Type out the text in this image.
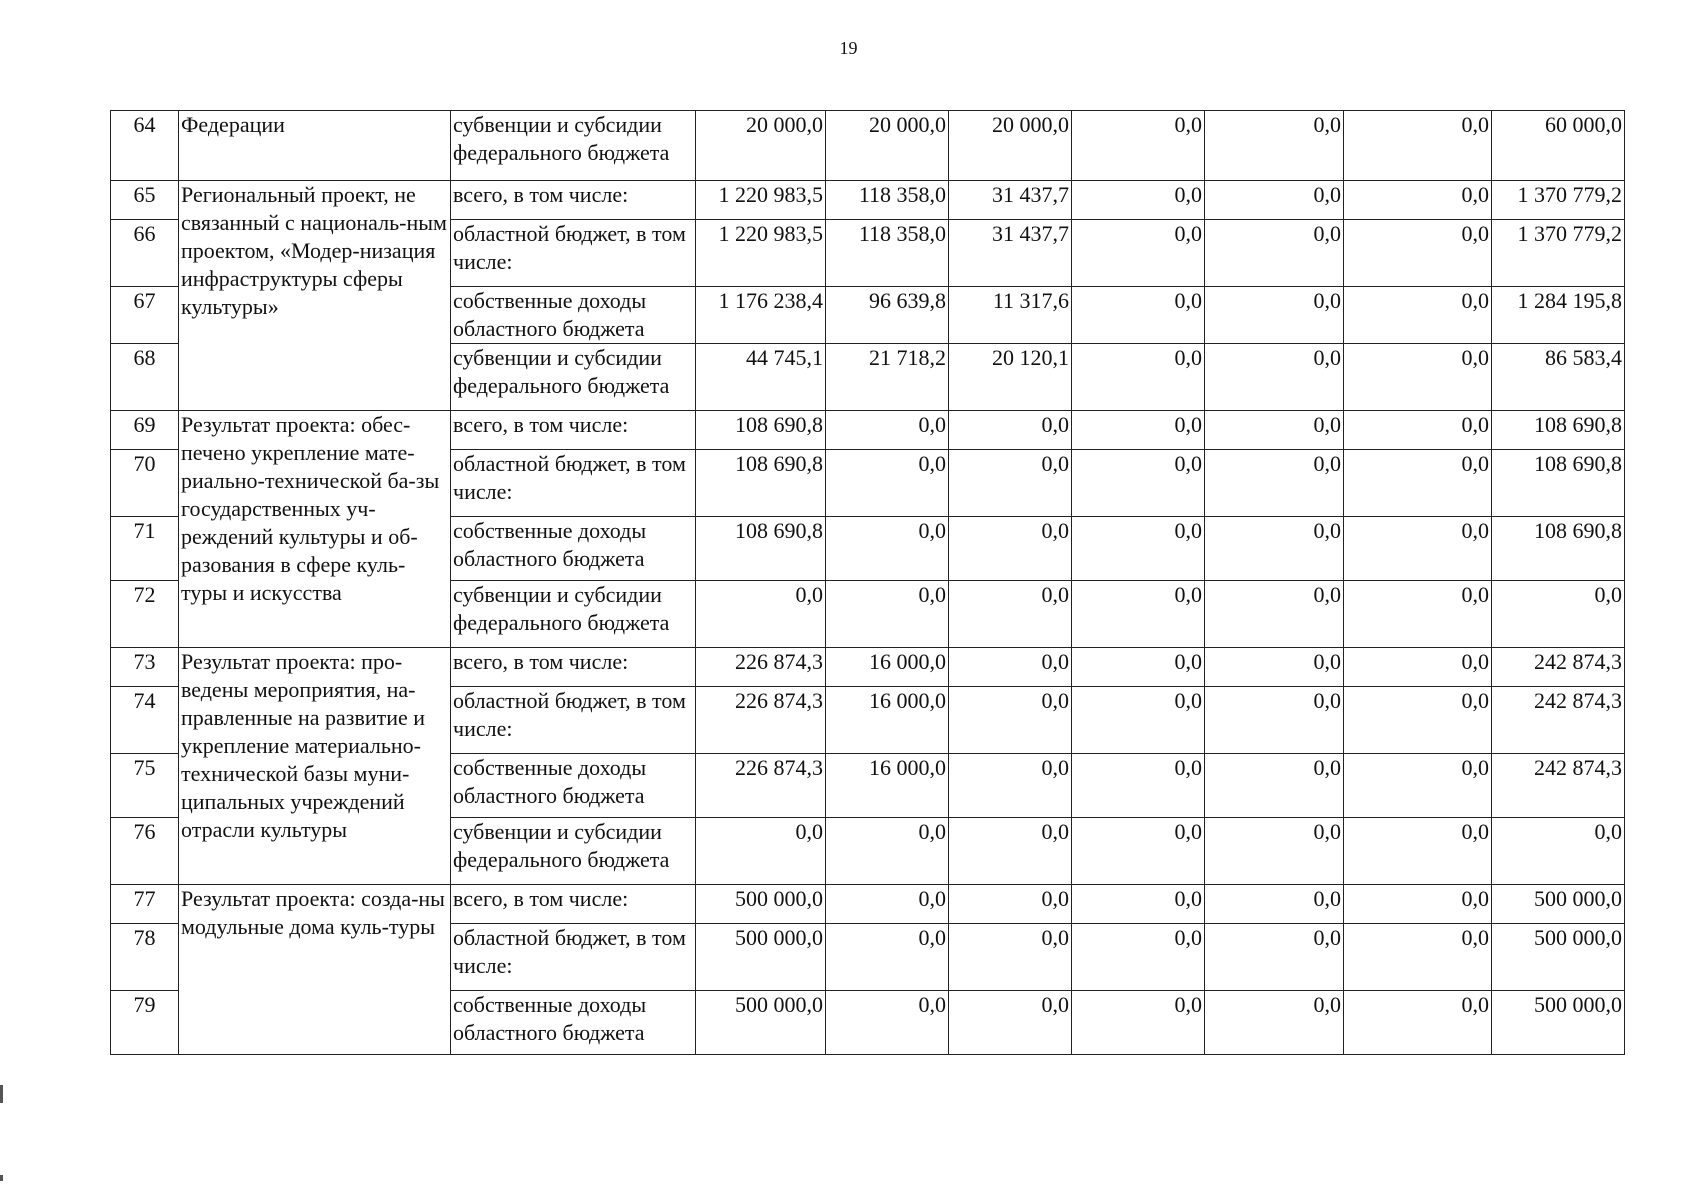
19
64	Федерации	субвенции и субсидии федерального бюджета	20 000,0	20 000,0	20 000,0	0,0	0,0	0,0	60 000,0
65	Региональный проект, не связанный с националь-ным проектом, «Модер-низация инфраструктуры сферы культуры»	всего, в том числе:	1 220 983,5	118 358,0	31 437,7	0,0	0,0	0,0	1 370 779,2
66		областной бюджет, в том числе:	1 220 983,5	118 358,0	31 437,7	0,0	0,0	0,0	1 370 779,2
67		собственные доходы областного бюджета	1 176 238,4	96 639,8	11 317,6	0,0	0,0	0,0	1 284 195,8
68		субвенции и субсидии федерального бюджета	44 745,1	21 718,2	20 120,1	0,0	0,0	0,0	86 583,4
69	Результат проекта: обес-печено укрепление мате-риально-технической ба-зы государственных уч-реждений культуры и об-разования в сфере куль-туры и искусства	всего, в том числе:	108 690,8	0,0	0,0	0,0	0,0	0,0	108 690,8
70		областной бюджет, в том числе:	108 690,8	0,0	0,0	0,0	0,0	0,0	108 690,8
71		собственные доходы областного бюджета	108 690,8	0,0	0,0	0,0	0,0	0,0	108 690,8
72		субвенции и субсидии федерального бюджета	0,0	0,0	0,0	0,0	0,0	0,0	0,0
73	Результат проекта: про-ведены мероприятия, на-правленные на развитие и укрепление материально-технической базы муни-ципальных учреждений отрасли культуры	всего, в том числе:	226 874,3	16 000,0	0,0	0,0	0,0	0,0	242 874,3
74		областной бюджет, в том числе:	226 874,3	16 000,0	0,0	0,0	0,0	0,0	242 874,3
75		собственные доходы областного бюджета	226 874,3	16 000,0	0,0	0,0	0,0	0,0	242 874,3
76		субвенции и субсидии федерального бюджета	0,0	0,0	0,0	0,0	0,0	0,0	0,0
77	Результат проекта: созда-ны модульные дома куль-туры	всего, в том числе:	500 000,0	0,0	0,0	0,0	0,0	0,0	500 000,0
78		областной бюджет, в том числе:	500 000,0	0,0	0,0	0,0	0,0	0,0	500 000,0
79		собственные доходы областного бюджета	500 000,0	0,0	0,0	0,0	0,0	0,0	500 000,0
